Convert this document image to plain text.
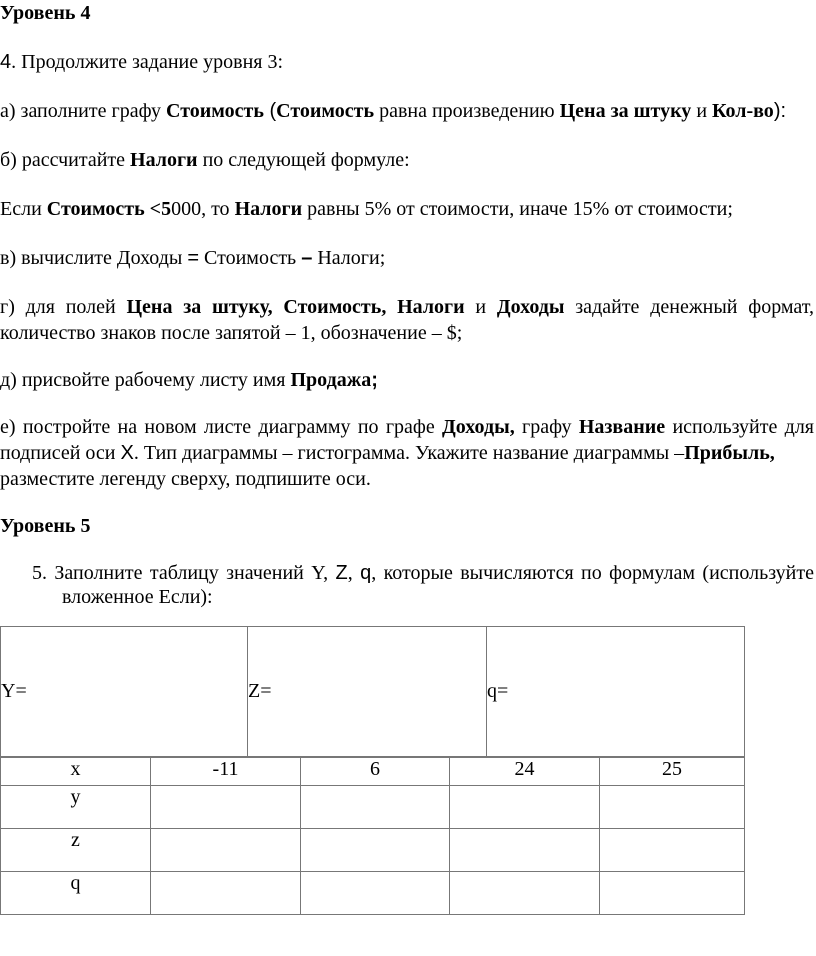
Уровень 4
4. Продолжите задание уровня 3:
а) заполните графу Стоимость (Стоимость равна произведению Цена за штуку и Кол-во):
б) рассчитайте Налоги по следующей формуле:
Если Стоимость <5000, то Налоги равны 5% от стоимости, иначе 15% от стоимости;
в) вычислите Доходы = Стоимость – Налоги;
г) для полей Цена за штуку, Стоимость, Налоги и Доходы задайте денежный формат,
количество знаков после запятой – 1, обозначение – $;
д) присвойте рабочему листу имя Продажа;
е) постройте на новом листе диаграмму по графе Доходы, графу Название используйте для
подписей оси Х. Тип диаграммы – гистограмма. Укажите название диаграммы –Прибыль,
разместите легенду сверху, подпишите оси.
Уровень 5
5. Заполните таблицу значений Y, Z, q, которые вычисляются по формулам (используйте
вложенное Если):
Y=	Z=	q=
x	-11	6	24	25
y				
z				
q				
